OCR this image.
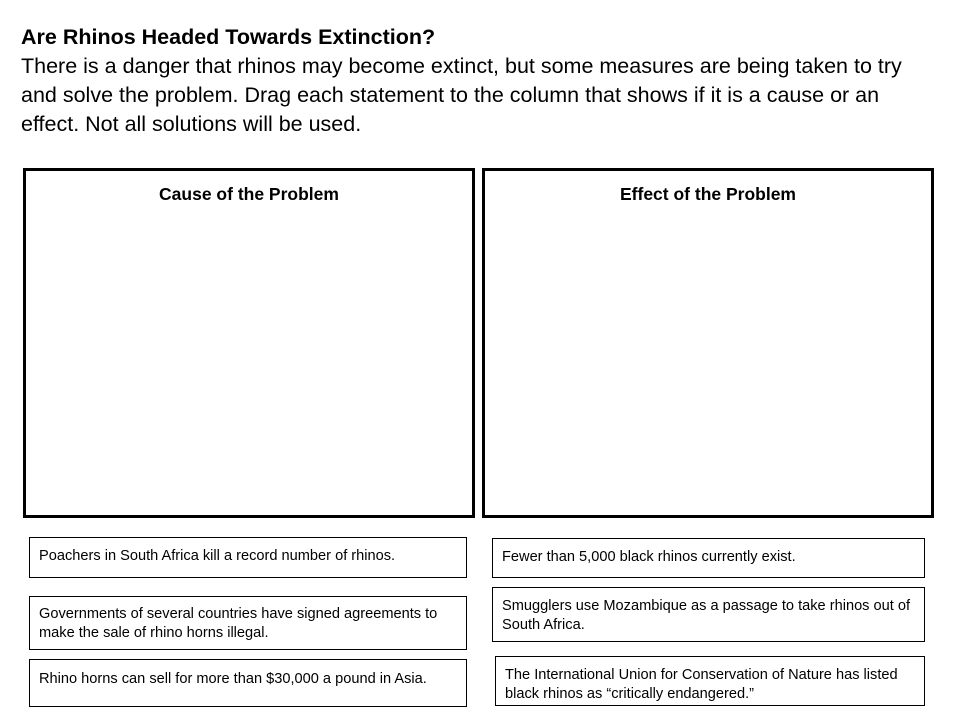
Are Rhinos Headed Towards Extinction?
There is a danger that rhinos may become extinct, but some measures are being taken to try and solve the problem. Drag each statement to the column that shows if it is a cause or an effect. Not all solutions will be used.
Cause of the Problem	Effect of the Problem
Poachers in South Africa kill a record number of rhinos.
Governments of several countries have signed agreements to make the sale of rhino horns illegal.
Rhino horns can sell for more than $30,000 a pound in Asia.
Fewer than 5,000 black rhinos currently exist.
Smugglers use Mozambique as a passage to take rhinos out of South Africa.
The International Union for Conservation of Nature has listed black rhinos as “critically endangered.”
